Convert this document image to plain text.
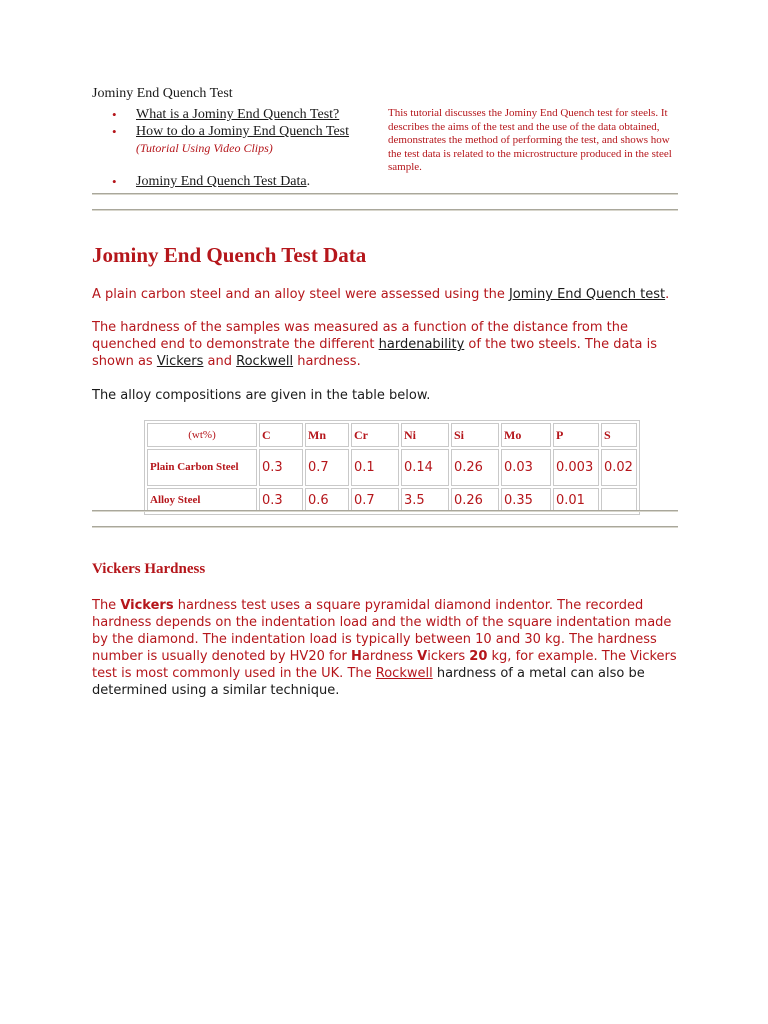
Jominy End Quench Test
• What is a Jominy End Quench Test?
• How to do a Jominy End Quench Test
(Tutorial Using Video Clips)
• Jominy End Quench Test Data.
This tutorial discusses the Jominy End Quench test for steels. It describes the aims of the test and the use of the data obtained, demonstrates the method of performing the test, and shows how the test data is related to the microstructure produced in the steel sample.
Jominy End Quench Test Data

A plain carbon steel and an alloy steel were assessed using the Jominy End Quench test.

The hardness of the samples was measured as a function of the distance from the quenched end to demonstrate the different hardenability of the two steels. The data is shown as Vickers and Rockwell hardness.

The alloy compositions are given in the table below.

(wt%)	C	Mn	Cr	Ni	Si	Mo	P	S
Plain Carbon Steel	0.3	0.7	0.1	0.14	0.26	0.03	0.003	0.02
Alloy Steel	0.3	0.6	0.7	3.5	0.26	0.35	0.01	
Vickers Hardness

The Vickers hardness test uses a square pyramidal diamond indentor. The recorded hardness depends on the indentation load and the width of the square indentation made by the diamond. The indentation load is typically between 10 and 30 kg. The hardness number is usually denoted by HV20 for Hardness Vickers 20 kg, for example. The Vickers test is most commonly used in the UK. The Rockwell hardness of a metal can also be determined using a similar technique.
